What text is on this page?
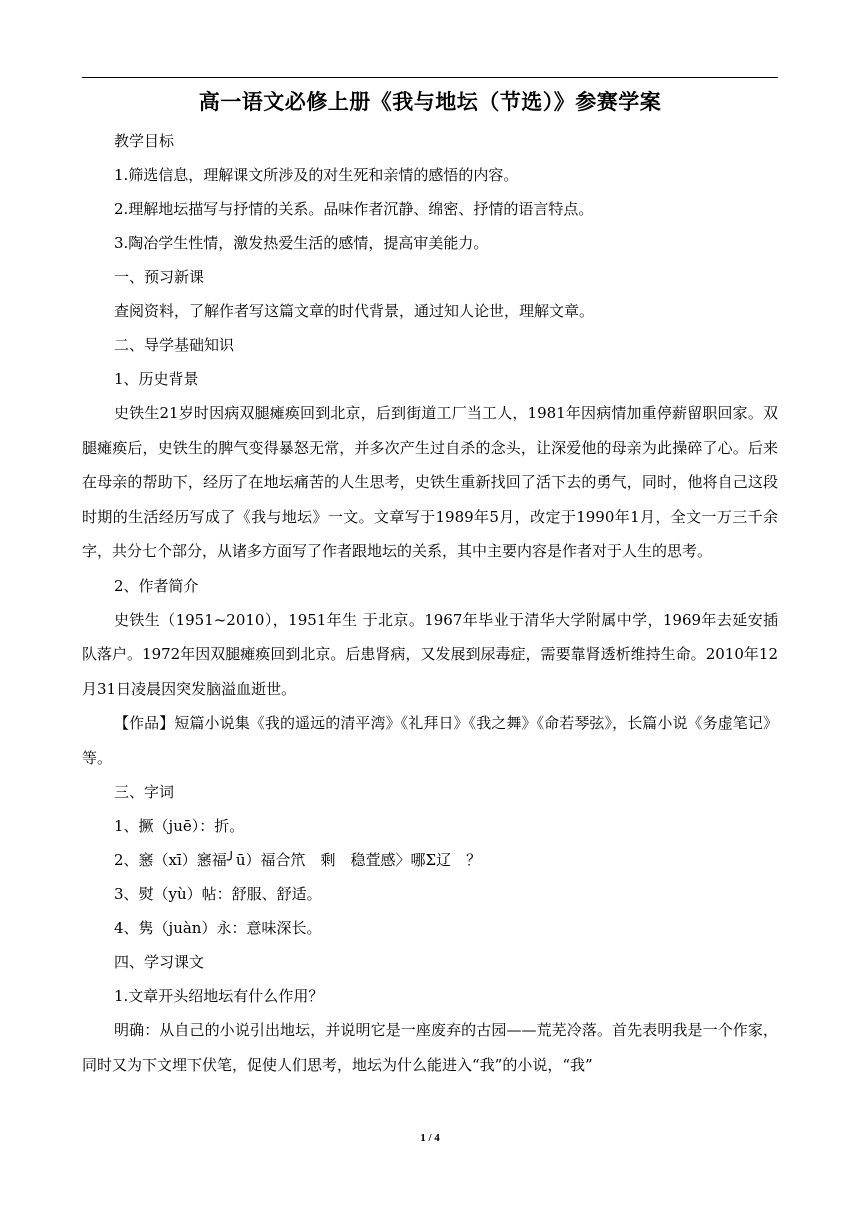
高一语文必修上册《我与地坛（节选）》参赛学案
教学目标
1.筛选信息，理解课文所涉及的对生死和亲情的感悟的内容。
2.理解地坛描写与抒情的关系。品味作者沉静、绵密、抒情的语言特点。
3.陶冶学生性情，激发热爱生活的感情，提高审美能力。
一、预习新课
查阅资料，了解作者写这篇文章的时代背景，通过知人论世，理解文章。
二、导学基础知识
1、历史背景
史铁生21岁时因病双腿瘫痪回到北京，后到街道工厂当工人，1981年因病情加重停薪留职回家。双腿瘫痪后，史铁生的脾气变得暴怒无常，并多次产生过自杀的念头，让深爱他的母亲为此操碎了心。后来在母亲的帮助下，经历了在地坛痛苦的人生思考，史铁生重新找回了活下去的勇气，同时，他将自己这段时期的生活经历写成了《我与地坛》一文。文章写于1989年5月，改定于1990年1月，全文一万三千余字，共分七个部分，从诸多方面写了作者跟地坛的关系，其中主要内容是作者对于人生的思考。
2、作者简介
史铁生（1951~2010），1951年生 于北京。1967年毕业于清华大学附属中学，1969年去延安插队落户。1972年因双腿瘫痪回到北京。后患肾病，又发展到尿毒症，需要靠肾透析维持生命。2010年12月31日凌晨因突发脑溢血逝世。
【作品】短篇小说集《我的遥远的清平湾》《礼拜日》《我之舞》《命若琴弦》，长篇小说《务虚笔记》等。
三、字词
1、撅（juē）：折。
2、窸（xī）窸福╯ū）福合笊　剩　稳萓感〉哪Σ辽　？
3、熨（yù）帖：舒服、舒适。
4、隽（juàn）永：意味深长。
四、学习课文
1.文章开头绍地坛有什么作用？
明确：从自己的小说引出地坛，并说明它是一座废弃的古园——荒芜冷落。首先表明我是一个作家，同时又为下文埋下伏笔，促使人们思考，地坛为什么能进入“我”的小说，“我”
1 / 4
